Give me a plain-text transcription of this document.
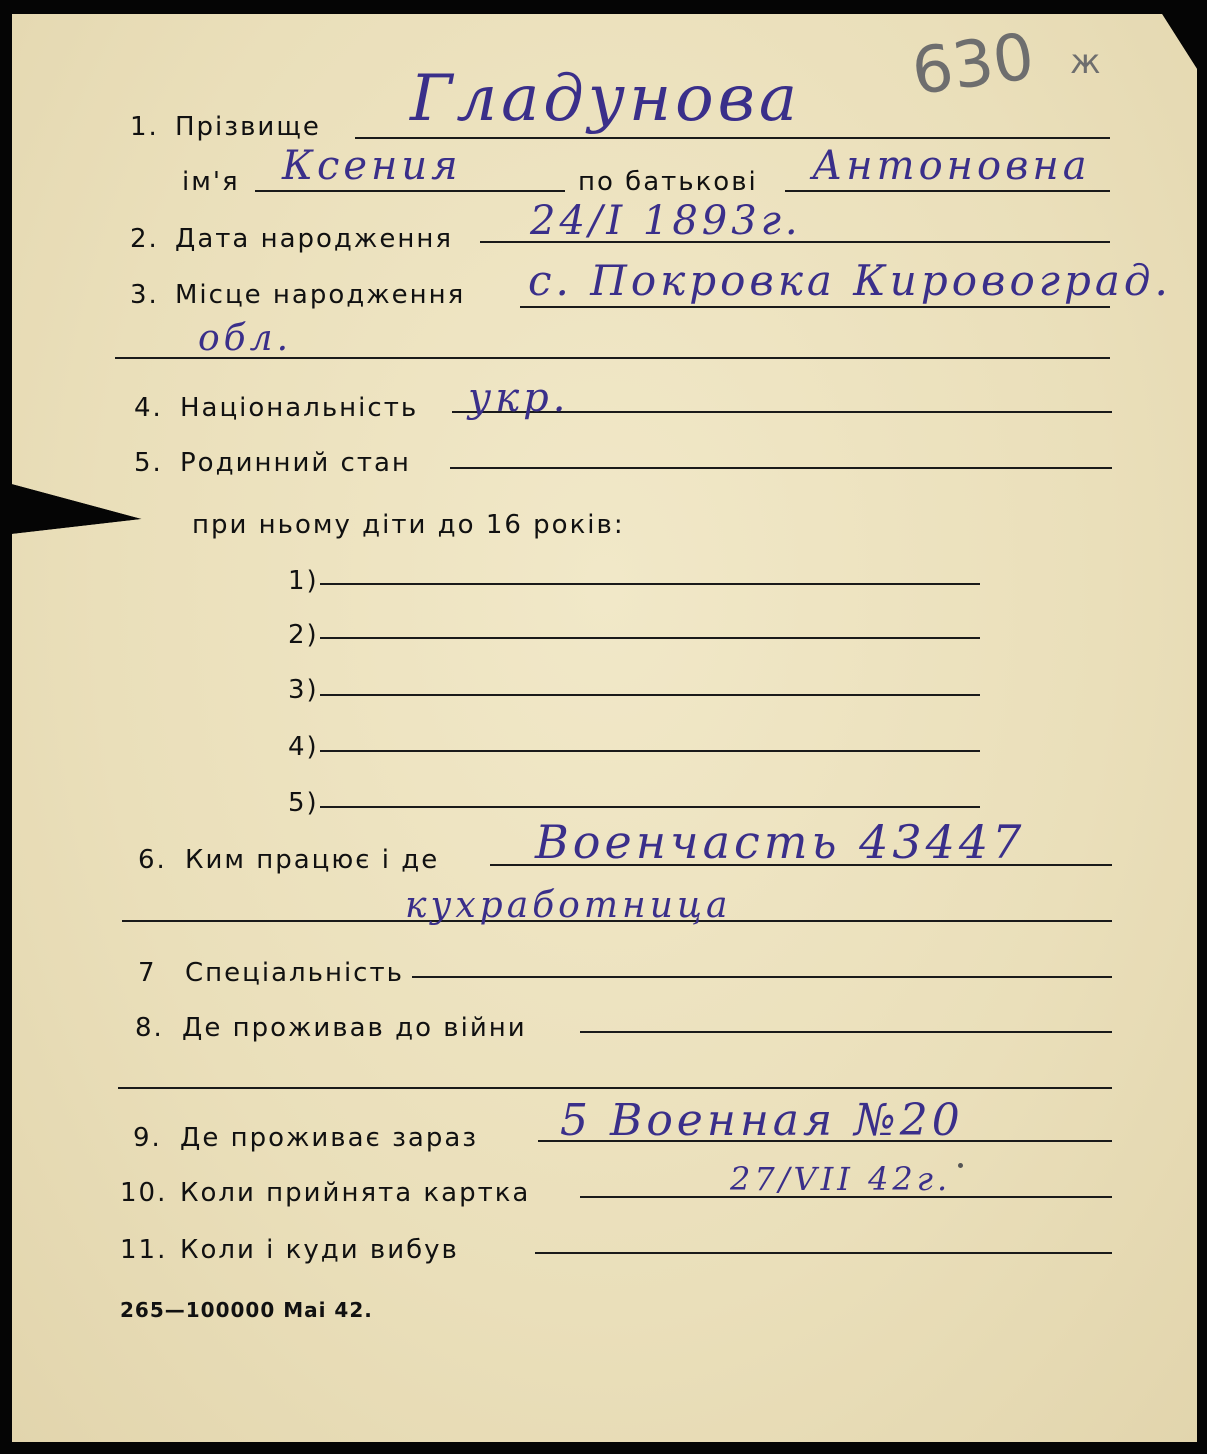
630 ж
1. Прізвище Гладунова
ім'я Ксения	по батькові Антоновна
2. Дата народження 24/I 1893г.
3. Місце народження с. Покровка Кировоград.
обл.
4. Національність укр.
5. Родинний стан
при ньому діти до 16 років:
1)
2)
3)
4)
5)
6. Ким працює і де Военчасть 43447
кухработница
7 Спеціальність
8. Де проживав до війни
9. Де проживає зараз 5 Военная №20
10. Коли прийнята картка	27/VII 42г.
11. Коли і куди вибув
265—100000 Mai 42.
